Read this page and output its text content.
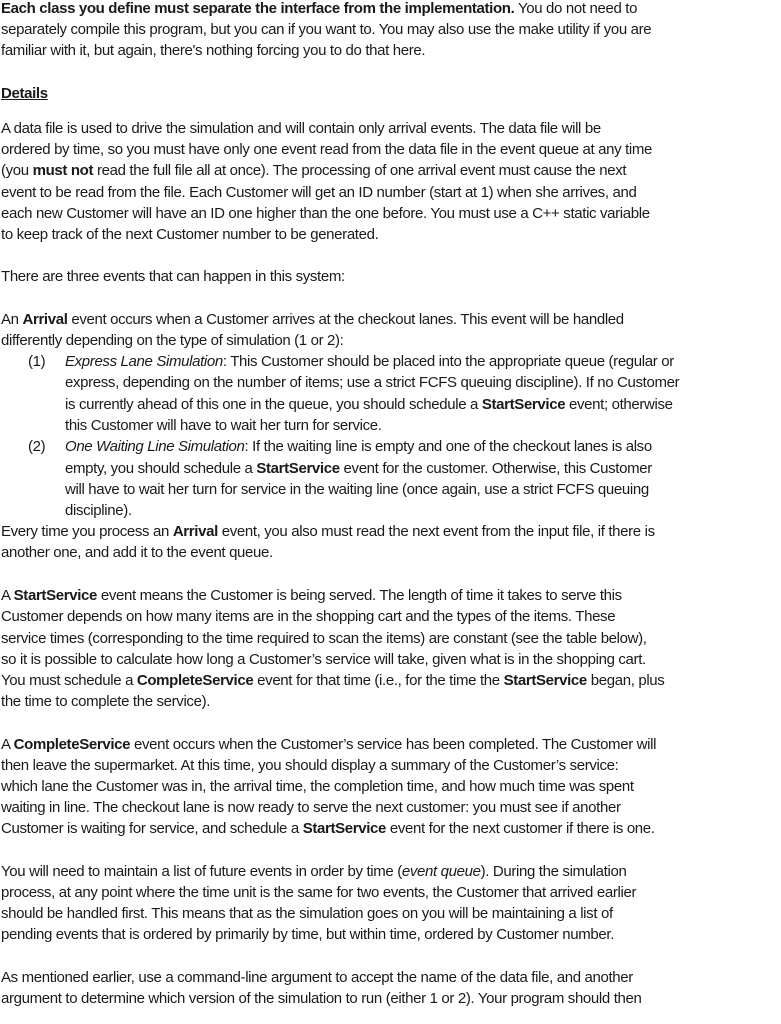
Each class you define must separate the interface from the implementation. You do not need to
separately compile this program, but you can if you want to. You may also use the make utility if you are
familiar with it, but again, there's nothing forcing you to do that here.
Details
A data file is used to drive the simulation and will contain only arrival events. The data file will be
ordered by time, so you must have only one event read from the data file in the event queue at any time
(you must not read the full file all at once). The processing of one arrival event must cause the next
event to be read from the file. Each Customer will get an ID number (start at 1) when she arrives, and
each new Customer will have an ID one higher than the one before. You must use a C++ static variable
to keep track of the next Customer number to be generated.
There are three events that can happen in this system:
An Arrival event occurs when a Customer arrives at the checkout lanes. This event will be handled
differently depending on the type of simulation (1 or 2):
(1) Express Lane Simulation: This Customer should be placed into the appropriate queue (regular or
express, depending on the number of items; use a strict FCFS queuing discipline). If no Customer
is currently ahead of this one in the queue, you should schedule a StartService event; otherwise
this Customer will have to wait her turn for service.
(2) One Waiting Line Simulation: If the waiting line is empty and one of the checkout lanes is also
empty, you should schedule a StartService event for the customer. Otherwise, this Customer
will have to wait her turn for service in the waiting line (once again, use a strict FCFS queuing
discipline).
Every time you process an Arrival event, you also must read the next event from the input file, if there is
another one, and add it to the event queue.
A StartService event means the Customer is being served. The length of time it takes to serve this
Customer depends on how many items are in the shopping cart and the types of the items. These
service times (corresponding to the time required to scan the items) are constant (see the table below),
so it is possible to calculate how long a Customer’s service will take, given what is in the shopping cart.
You must schedule a CompleteService event for that time (i.e., for the time the StartService began, plus
the time to complete the service).
A CompleteService event occurs when the Customer’s service has been completed. The Customer will
then leave the supermarket. At this time, you should display a summary of the Customer’s service:
which lane the Customer was in, the arrival time, the completion time, and how much time was spent
waiting in line. The checkout lane is now ready to serve the next customer: you must see if another
Customer is waiting for service, and schedule a StartService event for the next customer if there is one.
You will need to maintain a list of future events in order by time (event queue). During the simulation
process, at any point where the time unit is the same for two events, the Customer that arrived earlier
should be handled first. This means that as the simulation goes on you will be maintaining a list of
pending events that is ordered by primarily by time, but within time, ordered by Customer number.
As mentioned earlier, use a command-line argument to accept the name of the data file, and another
argument to determine which version of the simulation to run (either 1 or 2). Your program should then
